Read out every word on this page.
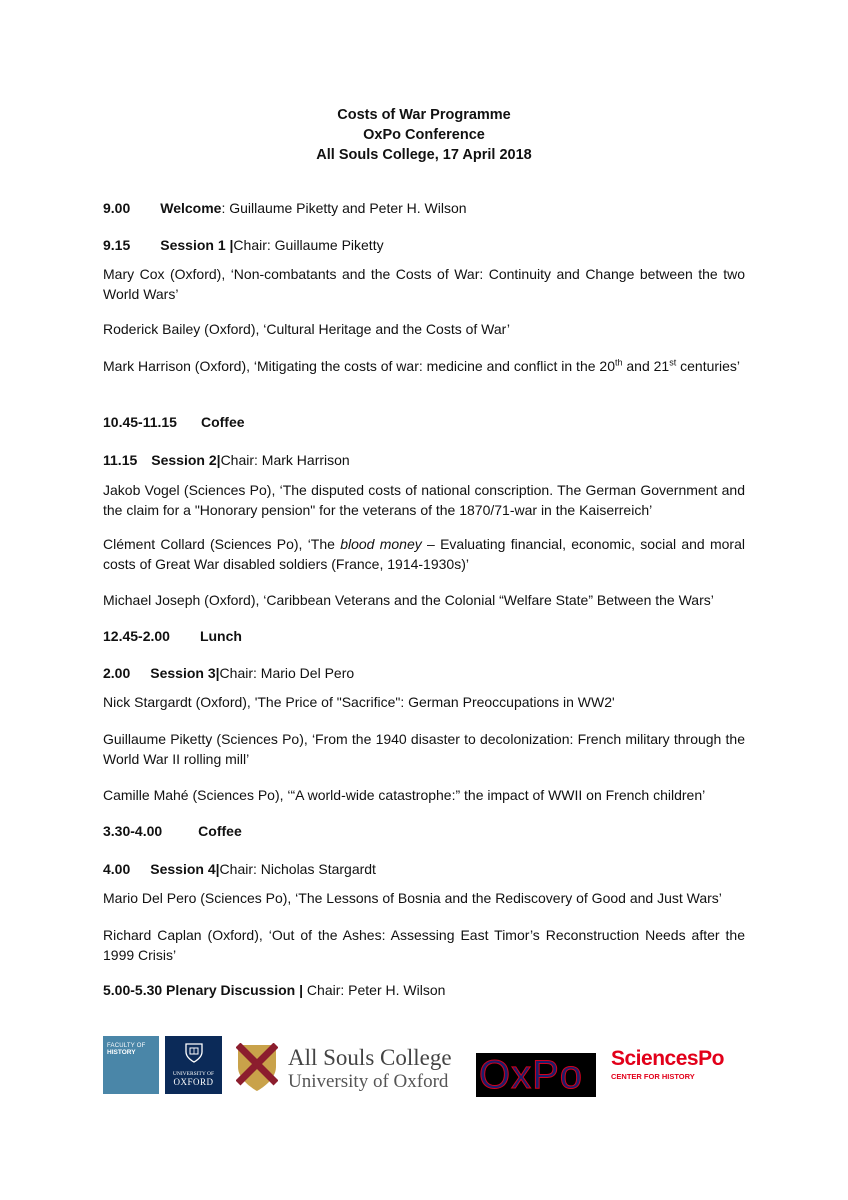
Costs of War Programme
OxPo Conference
All Souls College, 17 April 2018
9.00 Welcome: Guillaume Piketty and Peter H. Wilson
9.15 Session 1 |Chair: Guillaume Piketty
Mary Cox (Oxford), ‘Non-combatants and the Costs of War: Continuity and Change between the two World Wars’
Roderick Bailey (Oxford), ‘Cultural Heritage and the Costs of War’
Mark Harrison (Oxford), ‘Mitigating the costs of war: medicine and conflict in the 20th and 21st centuries’
10.45-11.15 Coffee
11.15 Session 2|Chair: Mark Harrison
Jakob Vogel (Sciences Po), ‘The disputed costs of national conscription. The German Government and the claim for a "Honorary pension" for the veterans of the 1870/71-war in the Kaiserreich’
Clément Collard (Sciences Po), ‘The blood money – Evaluating financial, economic, social and moral costs of Great War disabled soldiers (France, 1914-1930s)’
Michael Joseph (Oxford), ‘Caribbean Veterans and the Colonial “Welfare State” Between the Wars’
12.45-2.00 Lunch
2.00 Session 3|Chair: Mario Del Pero
Nick Stargardt (Oxford), 'The Price of "Sacrifice": German Preoccupations in WW2'
Guillaume Piketty (Sciences Po), ‘From the 1940 disaster to decolonization: French military through the World War II rolling mill’
Camille Mahé (Sciences Po), ‘“A world-wide catastrophe:” the impact of WWII on French children’
3.30-4.00	Coffee
4.00 Session 4|Chair: Nicholas Stargardt
Mario Del Pero (Sciences Po), ‘The Lessons of Bosnia and the Rediscovery of Good and Just Wars’
Richard Caplan (Oxford), ‘Out of the Ashes: Assessing East Timor’s Reconstruction Needs after the 1999 Crisis’
5.00-5.30 Plenary Discussion | Chair: Peter H. Wilson
FACULTY OF
HISTORY
UNIVERSITY OF
OXFORD
All Souls College
University of Oxford OxPo	SciencesPo
CENTER FOR HISTORY
